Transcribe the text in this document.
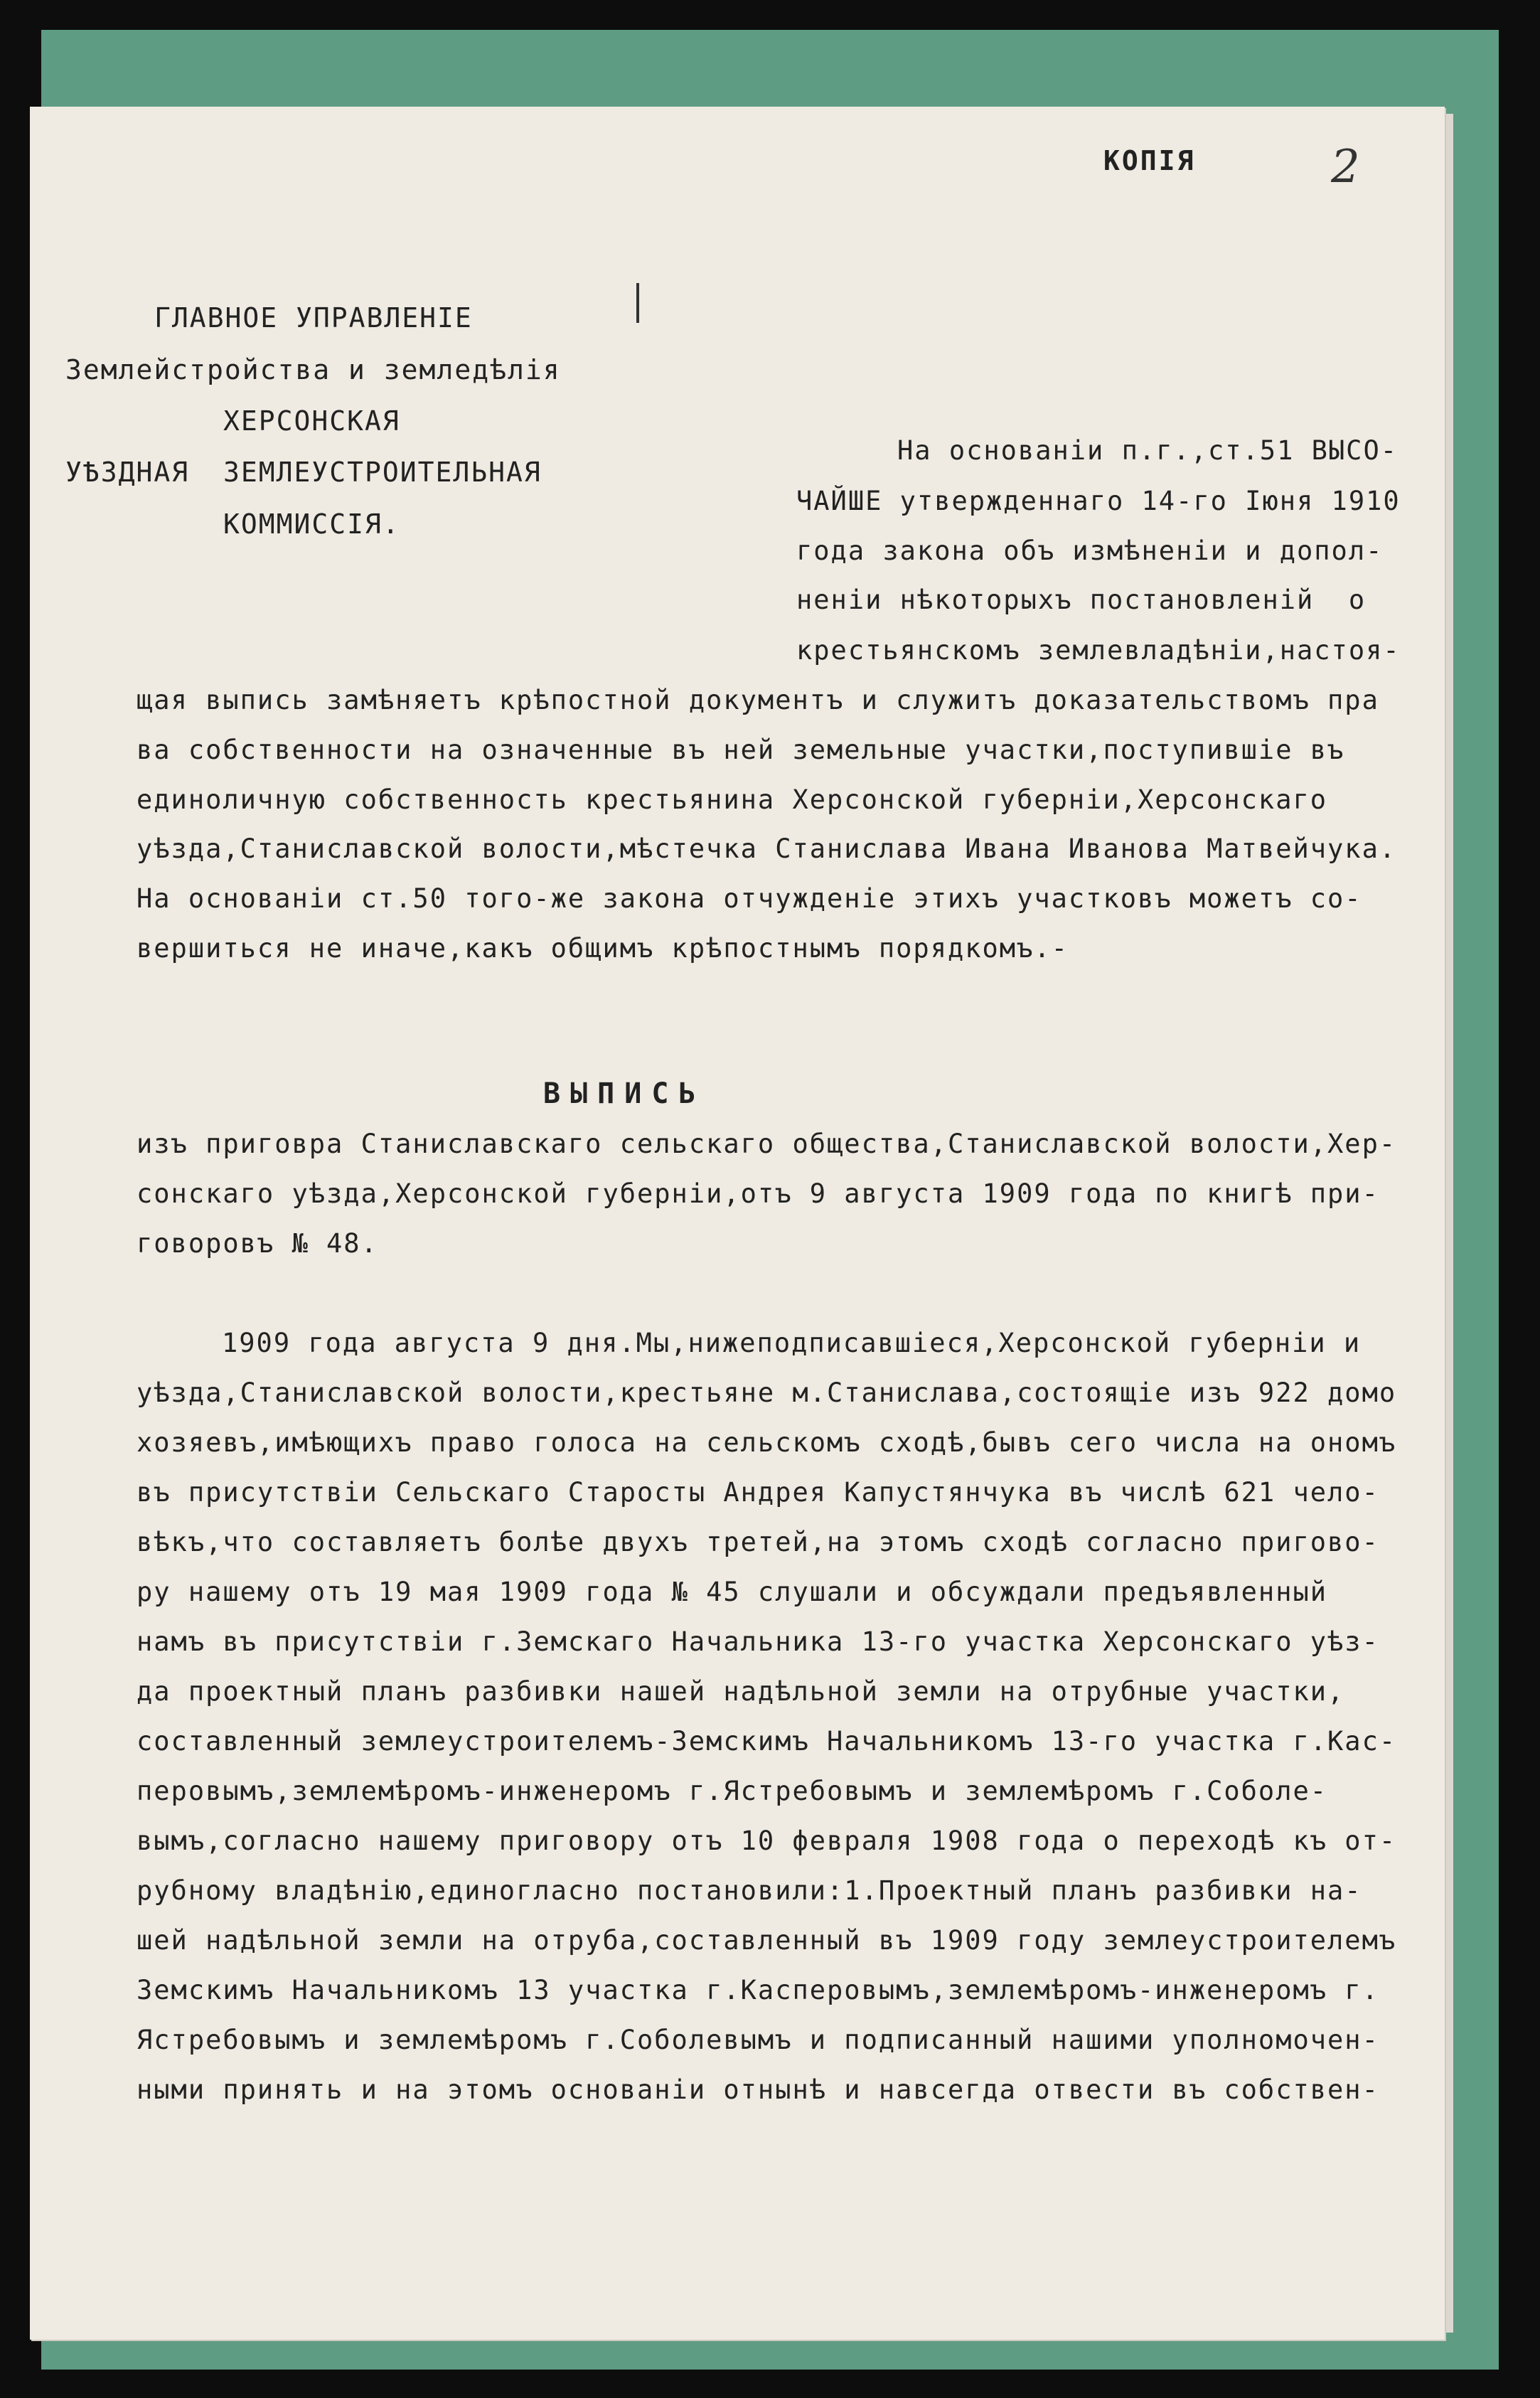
КОПIЯ	2
ГЛАВНОЕ УПРАВЛЕНIЕ
Землейстройства и земледѣлiя
ХЕРСОНСКАЯ
УѢЗДНАЯ ЗЕМЛЕУСТРОИТЕЛЬНАЯ
КОММИССIЯ.
На основанiи п.г.,ст.51 ВЫСО-
ЧАЙШЕ утвержденнаго 14-го Iюня 1910
года закона объ измѣненiи и допол-
ненiи нѣкоторыхъ постановленiй  о
крестьянскомъ землевладѣнiи,настоя-
щая выпись замѣняетъ крѣпостной документъ и служитъ доказательствомъ пра
ва собственности на означенные въ ней земельные участки,поступившiе въ
единоличную собственность крестьянина Херсонской губернiи,Херсонскаго
уѣзда,Станиславской волости,мѣстечка Станислава Ивана Иванова Матвейчука.
На основанiи ст.50 того-же закона отчужденiе этихъ участковъ можетъ со-
вершиться не иначе,какъ общимъ крѣпостнымъ порядкомъ.-
ВЫПИСЬ
изъ приговра Станиславскаго сельскаго общества,Станиславской волости,Хер-
сонскаго уѣзда,Херсонской губернiи,отъ 9 августа 1909 года по книгѣ при-
говоровъ № 48.
1909 года августа 9 дня.Мы,нижеподписавшiеся,Херсонской губернiи и
уѣзда,Станиславской волости,крестьяне м.Станислава,состоящiе изъ 922 домо
хозяевъ,имѣющихъ право голоса на сельскомъ сходѣ,бывъ сего числа на ономъ
въ присутствiи Сельскаго Старосты Андрея Капустянчука въ числѣ 621 чело-
вѣкъ,что составляетъ болѣе двухъ третей,на этомъ сходѣ согласно пригово-
ру нашему отъ 19 мая 1909 года № 45 слушали и обсуждали предъявленный
намъ въ присутствiи г.Земскаго Начальника 13-го участка Херсонскаго уѣз-
да проектный планъ разбивки нашей надѣльной земли на отрубные участки,
составленный землеустроителемъ-Земскимъ Начальникомъ 13-го участка г.Кас-
перовымъ,землемѣромъ-инженеромъ г.Ястребовымъ и землемѣромъ г.Соболе-
вымъ,согласно нашему приговору отъ 10 февраля 1908 года о переходѣ къ от-
рубному владѣнiю,единогласно постановили:1.Проектный планъ разбивки на-
шей надѣльной земли на отруба,составленный въ 1909 году землеустроителемъ
Земскимъ Начальникомъ 13 участка г.Касперовымъ,землемѣромъ-инженеромъ г.
Ястребовымъ и землемѣромъ г.Соболевымъ и подписанный нашими уполномочен-
ными принять и на этомъ основанiи отнынѣ и навсегда отвести въ собствен-
